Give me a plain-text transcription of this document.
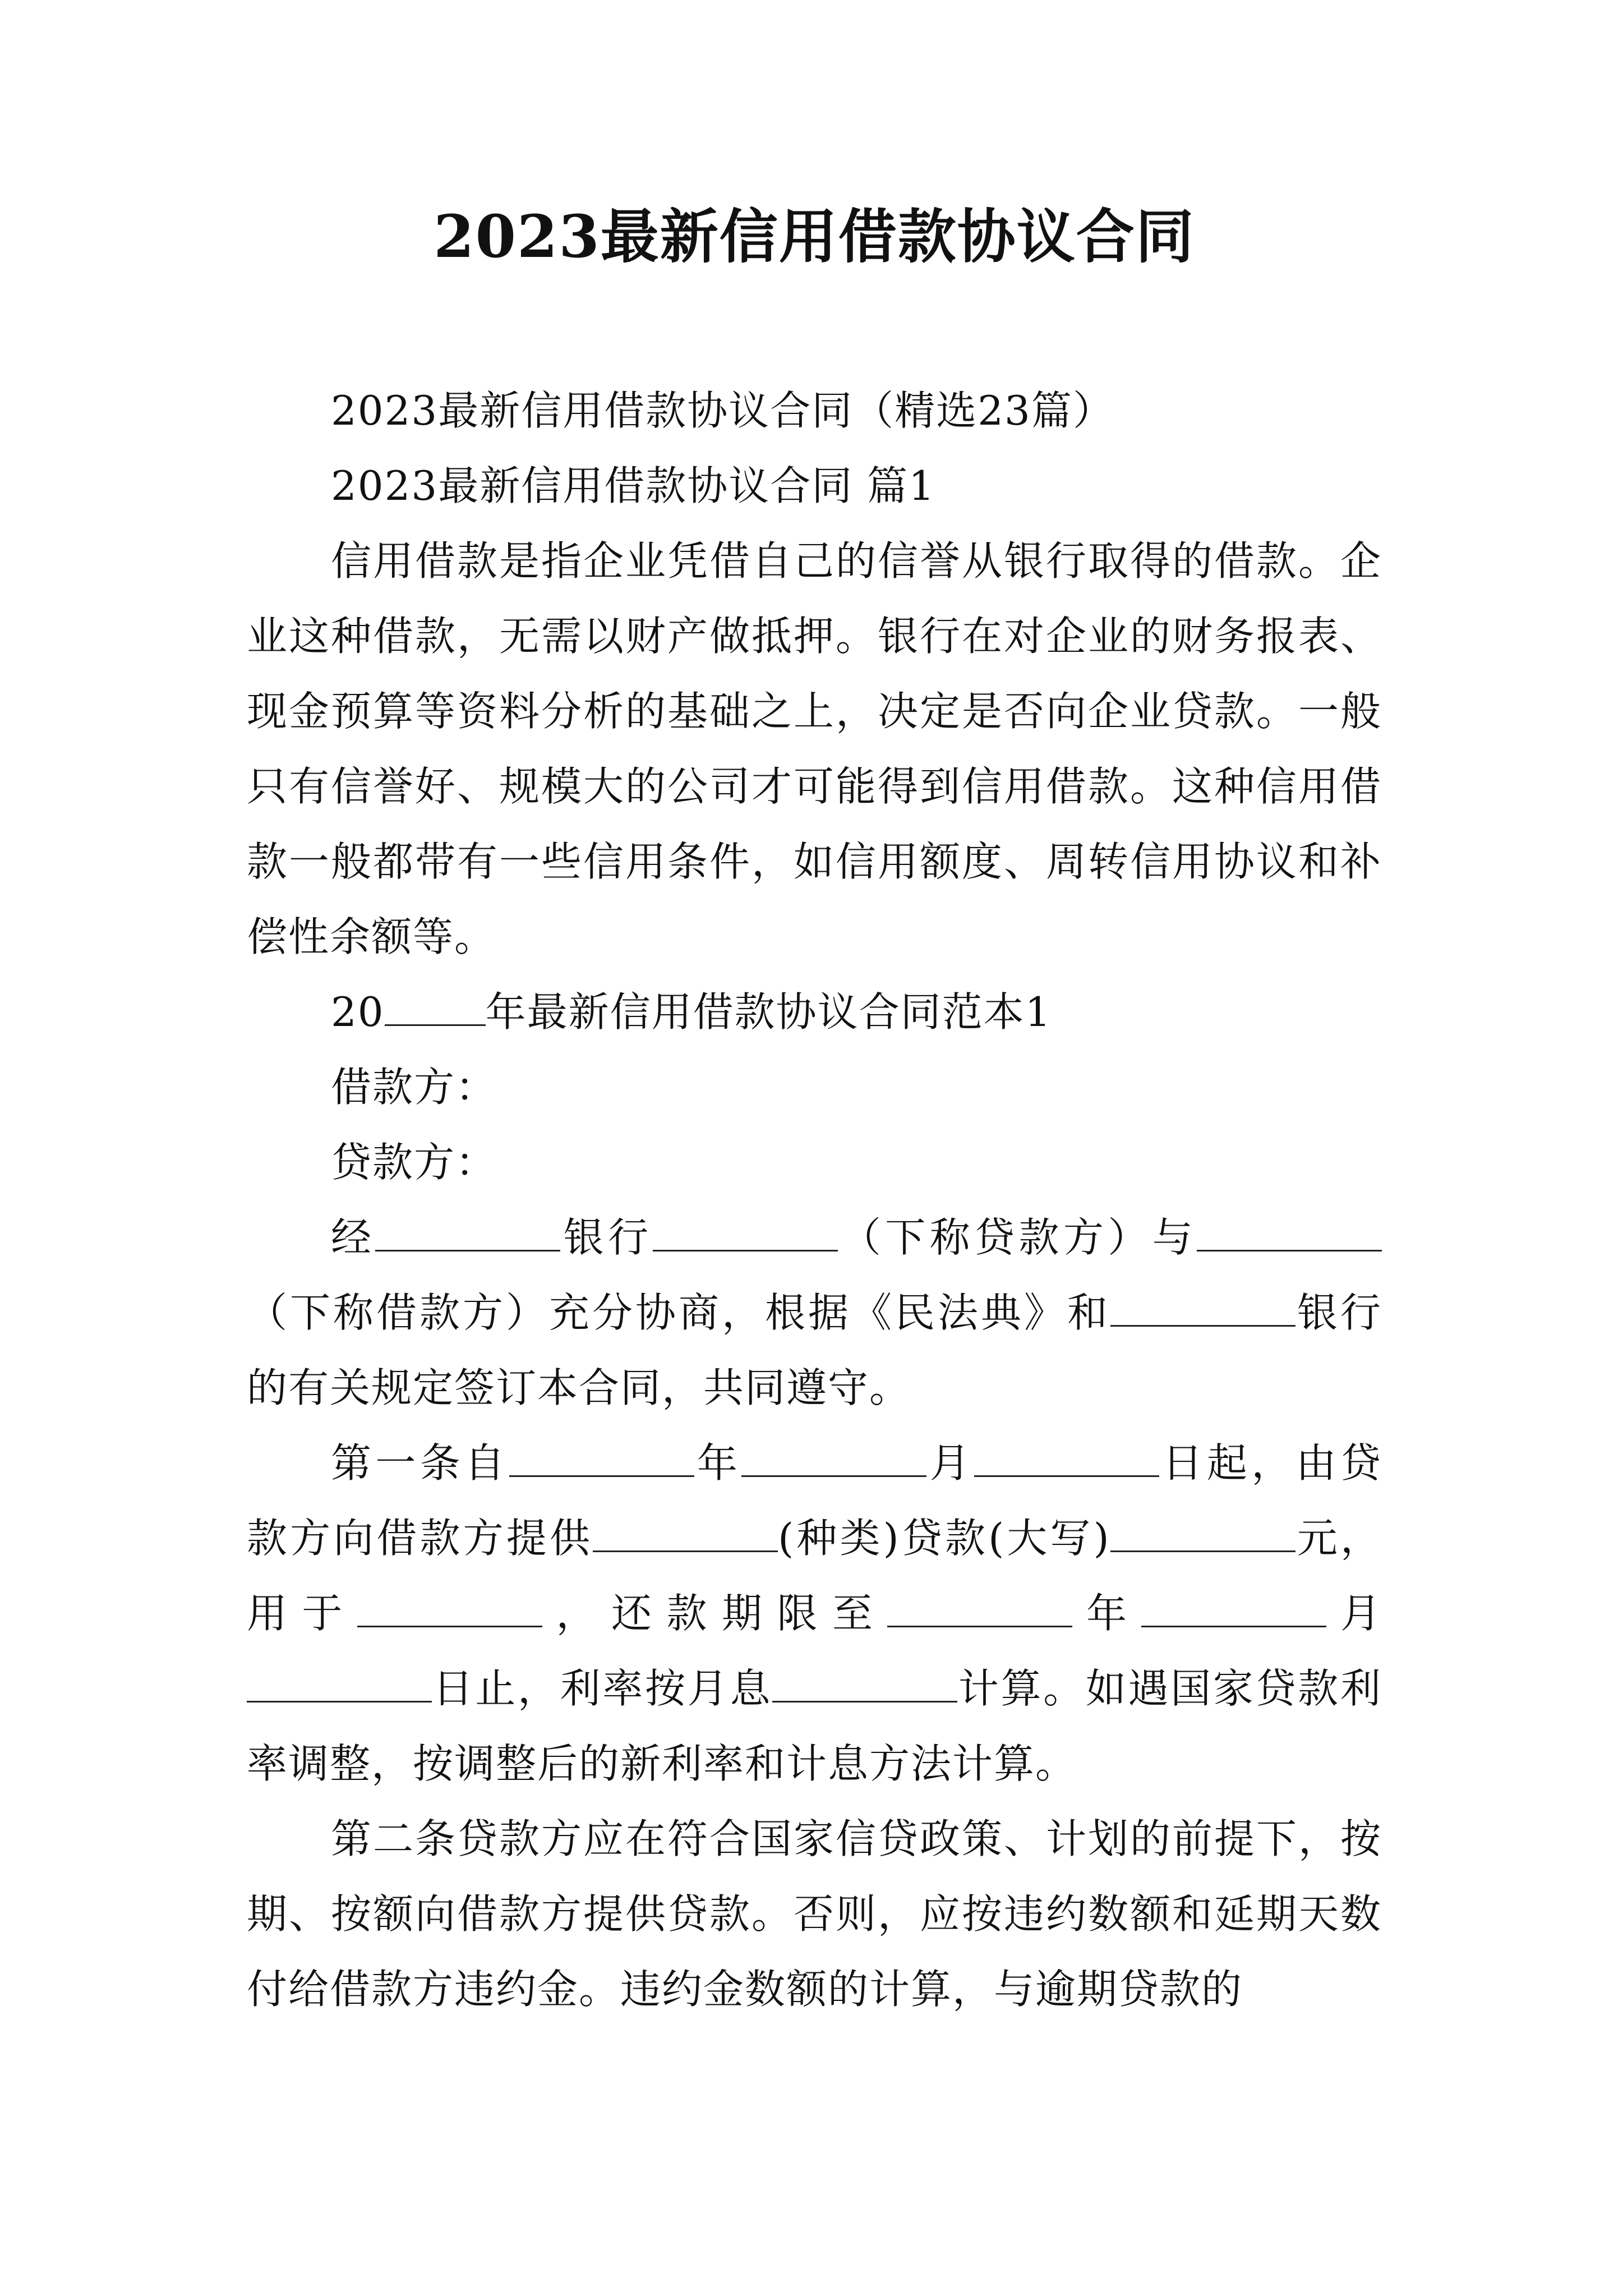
2023最新信用借款协议合同

2023最新信用借款协议合同（精选23篇）

2023最新信用借款协议合同 篇1

信用借款是指企业凭借自己的信誉从银行取得的借款。企业这种借款，无需以财产做抵押。银行在对企业的财务报表、现金预算等资料分析的基础之上，决定是否向企业贷款。一般只有信誉好、规模大的公司才可能得到信用借款。这种信用借款一般都带有一些信用条件，如信用额度、周转信用协议和补偿性余额等。

20	年最新信用借款协议合同范本1

借款方：

贷款方：

经	银行	（下称贷款方）与（下称借款方）充分协商，根据《民法典》和	银行的有关规定签订本合同，共同遵守。

第一条自	年	月	日起，由贷款方向借款方提供	(种类)贷款(大写)	元，用于	，还款期限至	年	月日止，利率按月息	计算。如遇国家贷款利率调整，按调整后的新利率和计息方法计算。

第二条贷款方应在符合国家信贷政策、计划的前提下，按期、按额向借款方提供贷款。否则，应按违约数额和延期天数付给借款方违约金。违约金数额的计算，与逾期贷款的
